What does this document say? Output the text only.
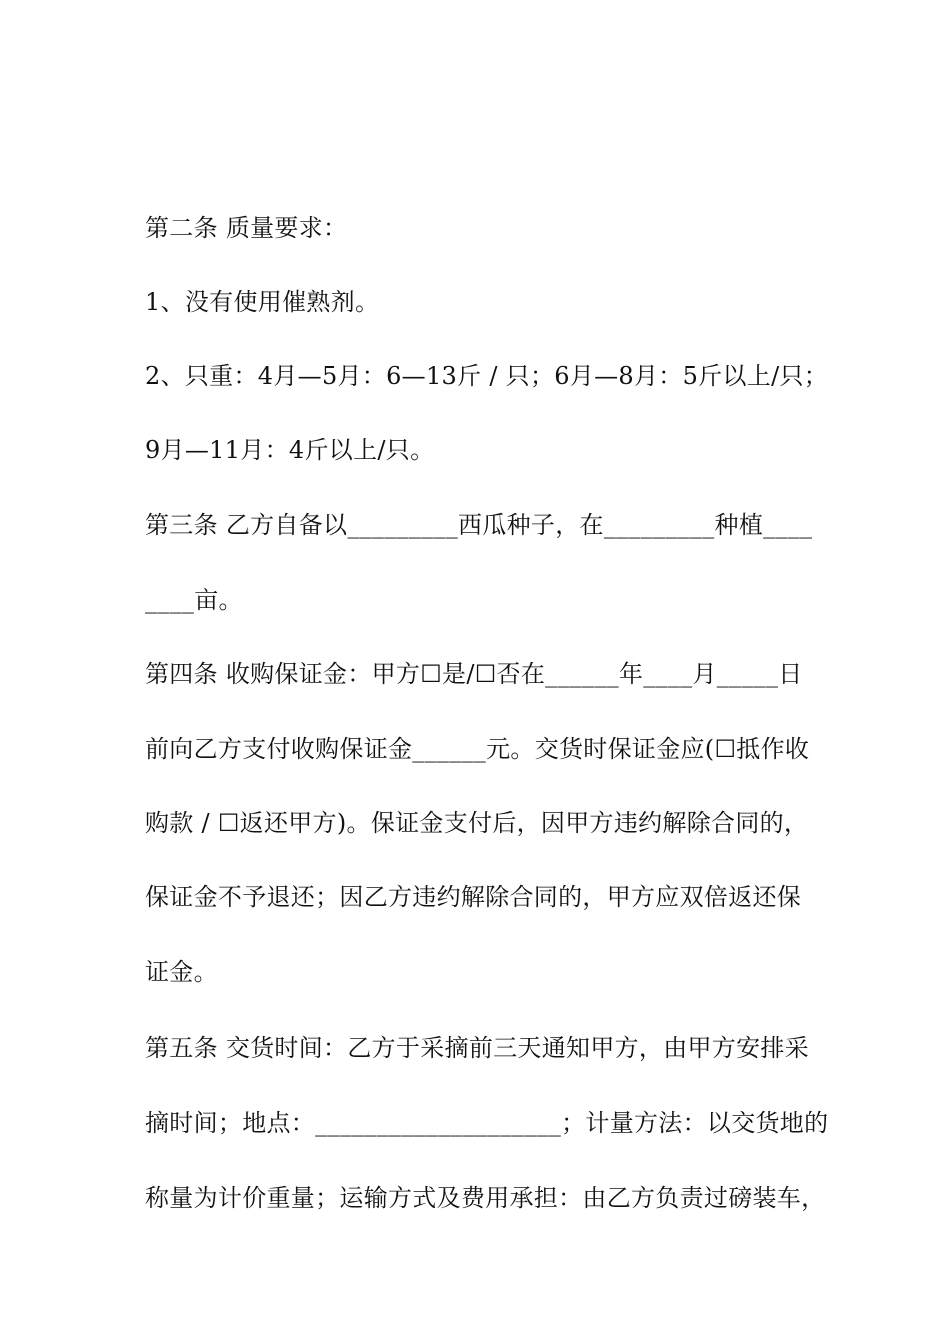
第二条 质量要求：
1、没有使用催熟剂。
2、只重：4月—5月：6—13斤 / 只；6月—8月：5斤以上/只；
9月—11月：4斤以上/只。
第三条 乙方自备以_________西瓜种子，在_________种植____
____亩。
第四条 收购保证金：甲方☐是/☐否在______年____月_____日
前向乙方支付收购保证金______元。交货时保证金应(☐抵作收
购款 / ☐返还甲方)。保证金支付后，因甲方违约解除合同的，
保证金不予退还；因乙方违约解除合同的，甲方应双倍返还保
证金。
第五条 交货时间：乙方于采摘前三天通知甲方，由甲方安排采
摘时间；地点：____________________；计量方法：以交货地的
称量为计价重量；运输方式及费用承担：由乙方负责过磅装车，
